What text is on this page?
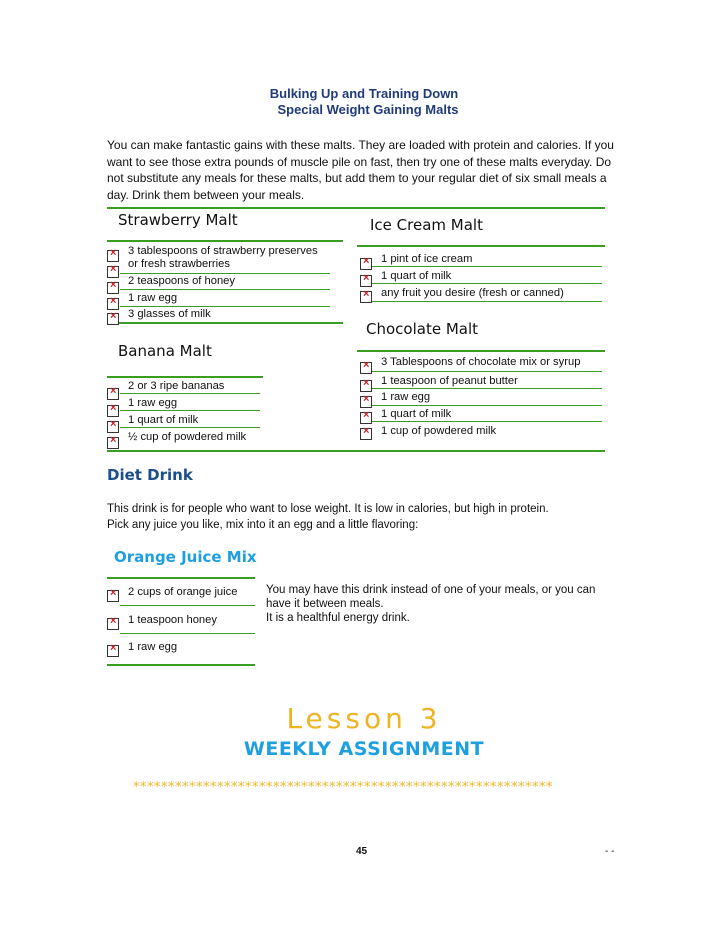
Bulking Up and Training Down
Special Weight Gaining Malts
You can make fantastic gains with these malts. They are loaded with protein and calories. If you want to see those extra pounds of muscle pile on fast, then try one of these malts everyday. Do not substitute any meals for these malts, but add them to your regular diet of six small meals a day. Drink them between your meals.
Strawberry Malt
3 tablespoons of strawberry preserves
or fresh strawberries
2 teaspoons of honey
1 raw egg
3 glasses of milk
×
×
×
×
×
Ice Cream Malt
1 pint of ice cream
1 quart of milk
any fruit you desire (fresh or canned)
×
×
×
Chocolate Malt
3 Tablespoons of chocolate mix or syrup
1 teaspoon of peanut butter
1 raw egg
1 quart of milk
1 cup of powdered milk
×
×
×
×
×
Banana Malt
2 or 3 ripe bananas
1 raw egg
1 quart of milk
½ cup of powdered milk
×
×
×
×
Diet Drink
This drink is for people who want to lose weight. It is low in calories, but high in protein.
Pick any juice you like, mix into it an egg and a little flavoring:
Orange Juice Mix
2 cups of orange juice
1 teaspoon honey
1 raw egg
×
×
×
You may have this drink instead of one of your meals, or you can
have it between meals.
It is a healthful energy drink.
Lesson 3
WEEKLY ASSIGNMENT
************************************************************
45	- -
